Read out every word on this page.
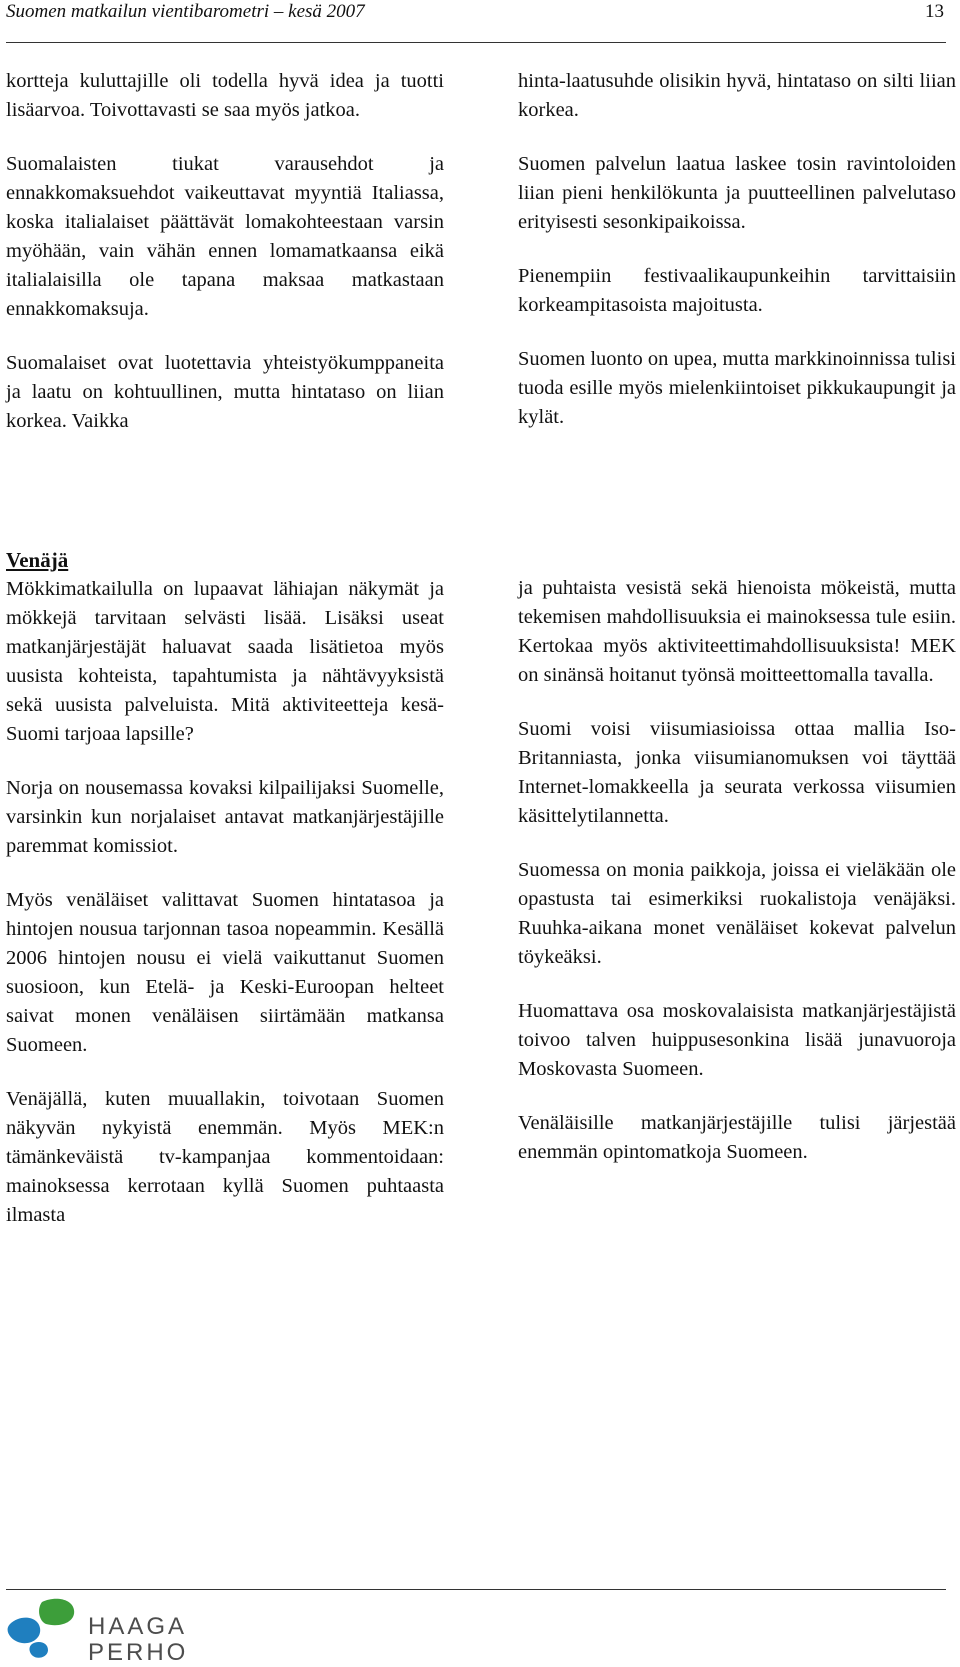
Suomen matkailun vientibarometri – kesä 2007	13

kortteja kuluttajille oli todella hyvä idea ja tuotti lisäarvoa. Toivottavasti se saa myös jatkoa.

Suomalaisten tiukat varausehdot ja ennakkomaksuehdot vaikeuttavat myyntiä Italiassa, koska italialaiset päättävät lomakohteestaan varsin myöhään, vain vähän ennen lomamatkaansa eikä italialaisilla ole tapana maksaa matkastaan ennakkomaksuja.

Suomalaiset ovat luotettavia yhteistyökumppaneita ja laatu on kohtuullinen, mutta hintataso on liian korkea. Vaikka

hinta-laatusuhde olisikin hyvä, hintataso on silti liian korkea.

Suomen palvelun laatua laskee tosin ravintoloiden liian pieni henkilökunta ja puutteellinen palvelutaso erityisesti sesonkipaikoissa.

Pienempiin festivaalikaupunkeihin tarvittaisiin korkeampitasoista majoitusta.

Suomen luonto on upea, mutta markkinoinnissa tulisi tuoda esille myös mielenkiintoiset pikkukaupungit ja kylät.

Venäjä

Mökkimatkailulla on lupaavat lähiajan näkymät ja mökkejä tarvitaan selvästi lisää. Lisäksi useat matkanjärjestäjät haluavat saada lisätietoa myös uusista kohteista, tapahtumista ja nähtävyyksistä sekä uusista palveluista. Mitä aktiviteetteja kesä-Suomi tarjoaa lapsille?

Norja on nousemassa kovaksi kilpailijaksi Suomelle, varsinkin kun norjalaiset antavat matkanjärjestäjille paremmat komissiot.

Myös venäläiset valittavat Suomen hintatasoa ja hintojen nousua tarjonnan tasoa nopeammin. Kesällä 2006 hintojen nousu ei vielä vaikuttanut Suomen suosioon, kun Etelä- ja Keski-Euroopan helteet saivat monen venäläisen siirtämään matkansa Suomeen.

Venäjällä, kuten muuallakin, toivotaan Suomen näkyvän nykyistä enemmän. Myös MEK:n tämänkeväistä tv-kampanjaa kommentoidaan: mainoksessa kerrotaan kyllä Suomen puhtaasta ilmasta

ja puhtaista vesistä sekä hienoista mökeistä, mutta tekemisen mahdollisuuksia ei mainoksessa tule esiin. Kertokaa myös aktiviteettimahdollisuuksista! MEK on sinänsä hoitanut työnsä moitteettomalla tavalla.

Suomi voisi viisumiasioissa ottaa mallia Iso-Britanniasta, jonka viisumianomuksen voi täyttää Internet-lomakkeella ja seurata verkossa viisumien käsittelytilannetta.

Suomessa on monia paikkoja, joissa ei vieläkään ole opastusta tai esimerkiksi ruokalistoja venäjäksi. Ruuhka-aikana monet venäläiset kokevat palvelun töykeäksi.

Huomattava osa moskovalaisista matkanjärjestäjistä toivoo talven huippusesonkina lisää junavuoroja Moskovasta Suomeen.

Venäläisille matkanjärjestäjille tulisi järjestää enemmän opintomatkoja Suomeen.

HAAGA
PERHO
